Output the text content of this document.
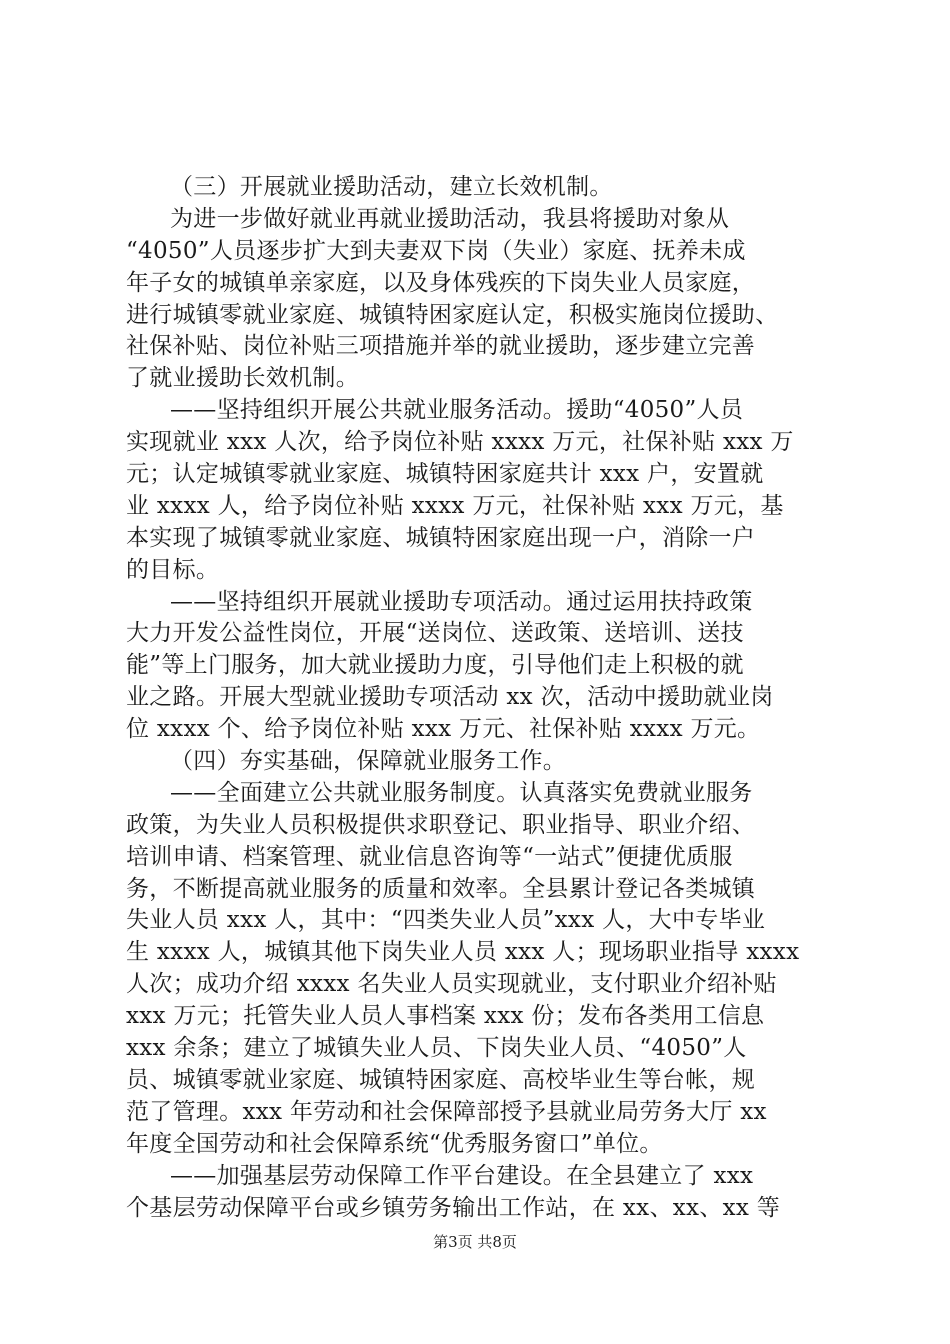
（三）开展就业援助活动，建立长效机制。
为进一步做好就业再就业援助活动，我县将援助对象从
“4050”人员逐步扩大到夫妻双下岗（失业）家庭、抚养未成
年子女的城镇单亲家庭，以及身体残疾的下岗失业人员家庭，
进行城镇零就业家庭、城镇特困家庭认定，积极实施岗位援助、
社保补贴、岗位补贴三项措施并举的就业援助，逐步建立完善
了就业援助长效机制。
——坚持组织开展公共就业服务活动。援助“4050”人员
实现就业 xxx 人次，给予岗位补贴 xxxx 万元，社保补贴 xxx 万
元；认定城镇零就业家庭、城镇特困家庭共计 xxx 户，安置就
业 xxxx 人，给予岗位补贴 xxxx 万元，社保补贴 xxx 万元，基
本实现了城镇零就业家庭、城镇特困家庭出现一户，消除一户
的目标。
——坚持组织开展就业援助专项活动。通过运用扶持政策
大力开发公益性岗位，开展“送岗位、送政策、送培训、送技
能”等上门服务，加大就业援助力度，引导他们走上积极的就
业之路。开展大型就业援助专项活动 xx 次，活动中援助就业岗
位 xxxx 个、给予岗位补贴 xxx 万元、社保补贴 xxxx 万元。
（四）夯实基础，保障就业服务工作。
——全面建立公共就业服务制度。认真落实免费就业服务
政策，为失业人员积极提供求职登记、职业指导、职业介绍、
培训申请、档案管理、就业信息咨询等“一站式”便捷优质服
务，不断提高就业服务的质量和效率。全县累计登记各类城镇
失业人员 xxx 人，其中：“四类失业人员”xxx 人，大中专毕业
生 xxxx 人，城镇其他下岗失业人员 xxx 人；现场职业指导 xxxx
人次；成功介绍 xxxx 名失业人员实现就业，支付职业介绍补贴
xxx 万元；托管失业人员人事档案 xxx 份；发布各类用工信息
xxx 余条；建立了城镇失业人员、下岗失业人员、“4050”人
员、城镇零就业家庭、城镇特困家庭、高校毕业生等台帐，规
范了管理。xxx 年劳动和社会保障部授予县就业局劳务大厅 xx
年度全国劳动和社会保障系统“优秀服务窗口”单位。
——加强基层劳动保障工作平台建设。在全县建立了 xxx
个基层劳动保障平台或乡镇劳务输出工作站，在 xx、xx、xx 等
第3页 共8页
